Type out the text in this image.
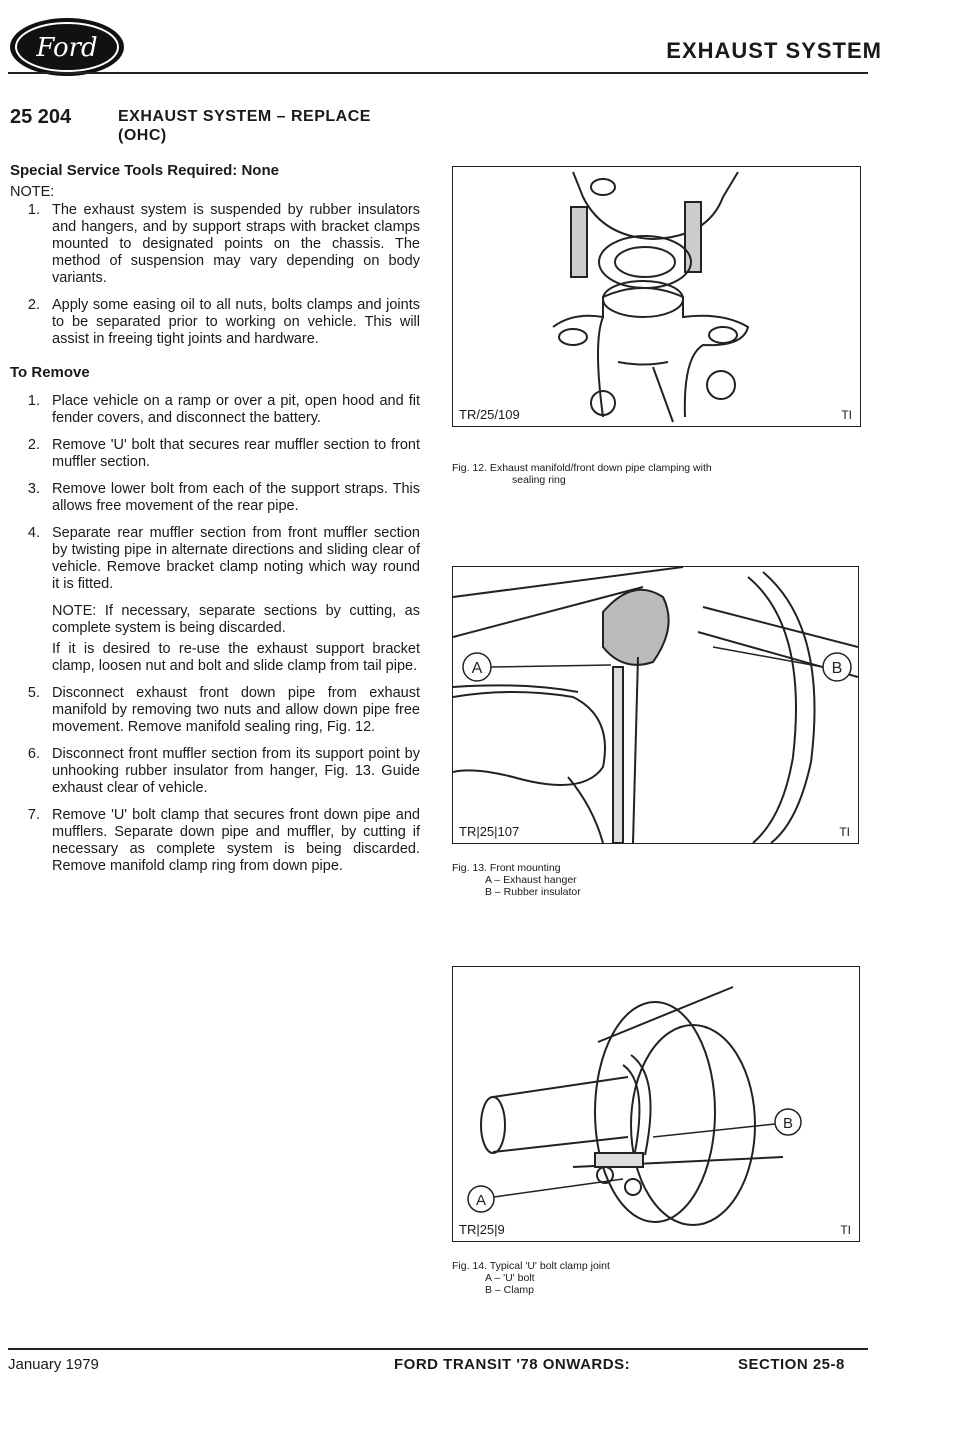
Ford	EXHAUST SYSTEM
25 204	EXHAUST SYSTEM – REPLACE
(OHC)
Special Service Tools Required: None
NOTE:
1. The exhaust system is suspended by rubber insulators and hangers, and by support straps with bracket clamps mounted to designated points on the chassis. The method of suspension may vary depending on body variants.
2. Apply some easing oil to all nuts, bolts clamps and joints to be separated prior to working on vehicle. This will assist in freeing tight joints and hardware.
To Remove
1. Place vehicle on a ramp or over a pit, open hood and fit fender covers, and disconnect the battery.
2. Remove 'U' bolt that secures rear muffler section to front muffler section.
3. Remove lower bolt from each of the support straps. This allows free movement of the rear pipe.
4. Separate rear muffler section from front muffler section by twisting pipe in alternate directions and sliding clear of vehicle. Remove bracket clamp noting which way round it is fitted.

NOTE: If necessary, separate sections by cutting, as complete system is being discarded.

If it is desired to re-use the exhaust support bracket clamp, loosen nut and bolt and slide clamp from tail pipe.

5. Disconnect exhaust front down pipe from exhaust manifold by removing two nuts and allow down pipe free movement. Remove manifold sealing ring, Fig. 12.
6. Disconnect front muffler section from its support point by unhooking rubber insulator from hanger, Fig. 13. Guide exhaust clear of vehicle.
7. Remove 'U' bolt clamp that secures front down pipe and mufflers. Separate down pipe and muffler, by cutting if necessary as complete system is being discarded. Remove manifold clamp ring from down pipe.
TR/25/109	TI
Fig. 12. Exhaust manifold/front down pipe clamping with
sealing ring
A	B
TR|25|107	TI
Fig. 13. Front mounting
A – Exhaust hanger
B – Rubber insulator
A
B
TR|25|9	TI
Fig. 14. Typical 'U' bolt clamp joint
A – 'U' bolt
B – Clamp
January 1979	FORD TRANSIT '78 ONWARDS:	SECTION 25-8
